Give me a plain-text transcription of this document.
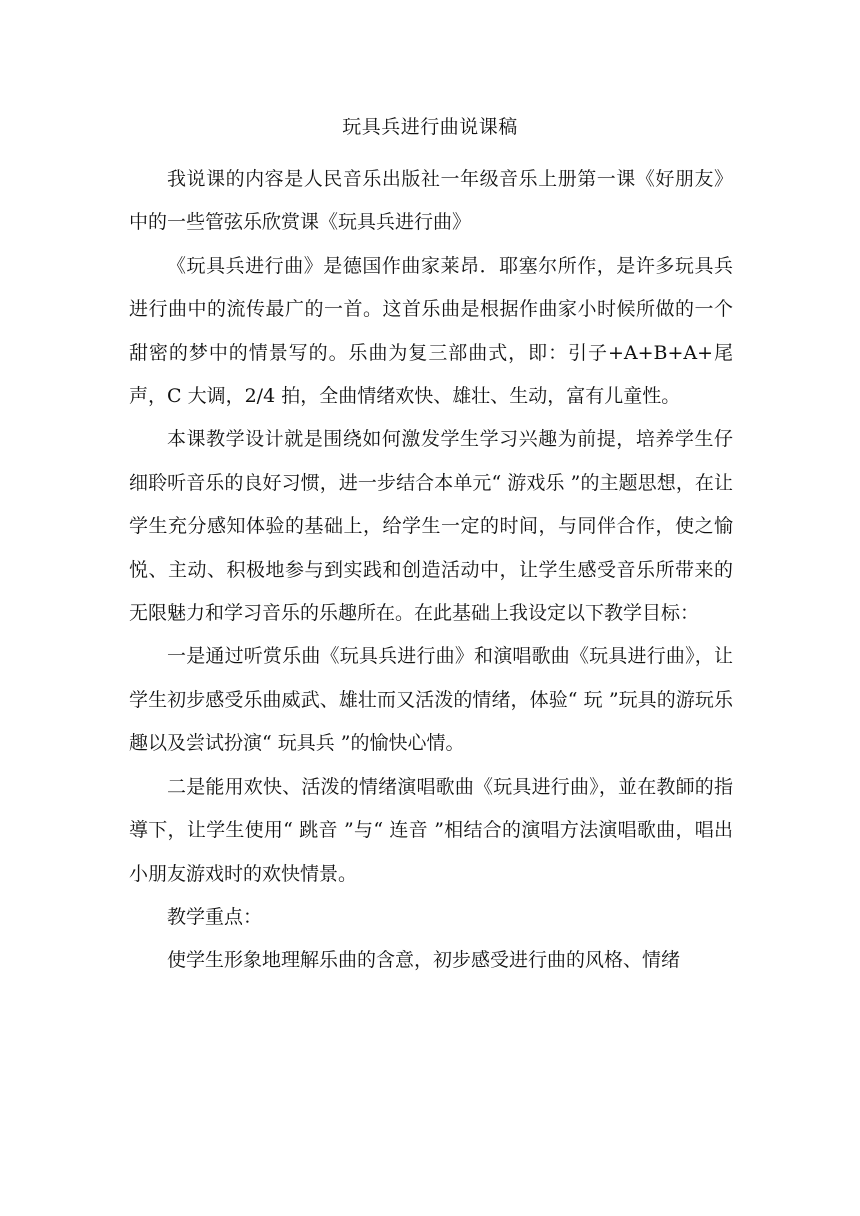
玩具兵进行曲说课稿

我说课的内容是人民音乐出版社一年级音乐上册第一课《好朋友》中的一些管弦乐欣赏课《玩具兵进行曲》

《玩具兵进行曲》是德国作曲家莱昂．耶塞尔所作，是许多玩具兵进行曲中的流传最广的一首。这首乐曲是根据作曲家小时候所做的一个甜密的梦中的情景写的。乐曲为复三部曲式，即：引子+A+B+A+尾声，C 大调，2/4 拍，全曲情绪欢快、雄壮、生动，富有儿童性。

本课教学设计就是围绕如何激发学生学习兴趣为前提，培养学生仔细聆听音乐的良好习惯，进一步结合本单元“ 游戏乐 ”的主题思想，在让学生充分感知体验的基础上，给学生一定的时间，与同伴合作，使之愉悦、主动、积极地参与到实践和创造活动中，让学生感受音乐所带来的无限魅力和学习音乐的乐趣所在。在此基础上我设定以下教学目标：

一是通过听赏乐曲《玩具兵进行曲》和演唱歌曲《玩具进行曲》，让学生初步感受乐曲威武、雄壮而又活泼的情绪，体验“ 玩 ”玩具的游玩乐趣以及尝试扮演“ 玩具兵 ”的愉快心情。

二是能用欢快、活泼的情绪演唱歌曲《玩具进行曲》，並在教師的指導下，让学生使用“ 跳音 ”与“ 连音 ”相结合的演唱方法演唱歌曲，唱出小朋友游戏时的欢快情景。

教学重点：

使学生形象地理解乐曲的含意，初步感受进行曲的风格、情绪
